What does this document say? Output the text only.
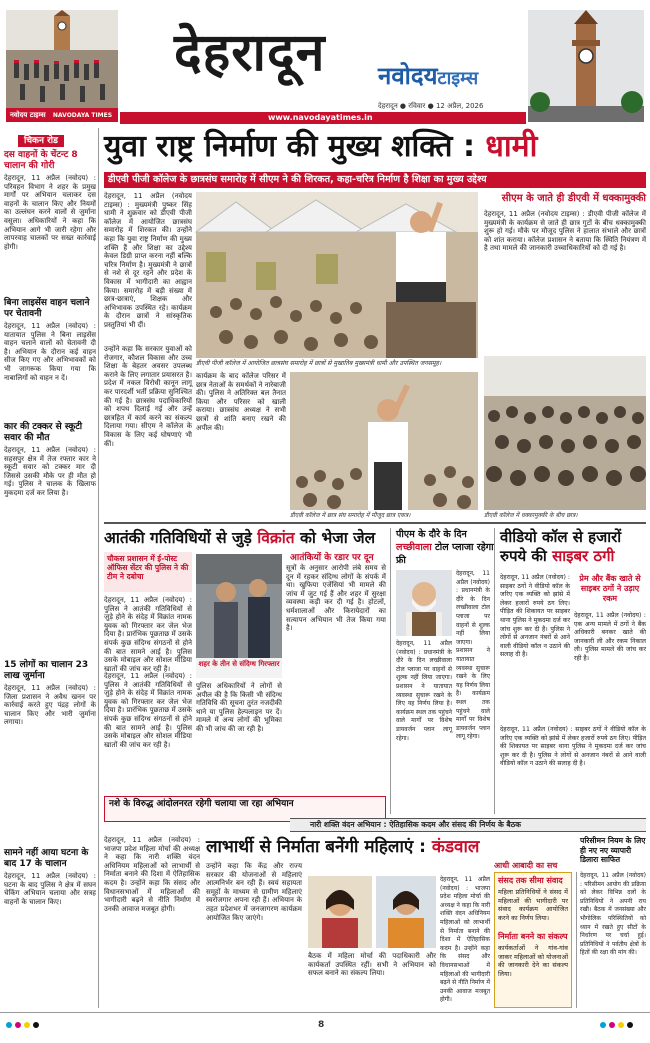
नवोदय टाइम्स NAVODAYA TIMES
देहरादून नवोदयटाइम्स
देहरादून ● रविवार ● 12 अप्रैल, 2026
www.navodayatimes.in
चिकन रोड
दस वाहनों के चेंटन्ट 8 चालान की गोरी
देहरादून, 11 अप्रैल (नवोदय) : परिवहन विभाग ने शहर के प्रमुख मार्गों पर अभियान चलाकर दस वाहनों के चालान किए और नियमों का उल्लंघन करने वालों से जुर्माना वसूला। अधिकारियों ने कहा कि अभियान आगे भी जारी रहेगा और लापरवाह चालकों पर सख्त कार्रवाई होगी।
बिना लाइसेंस वाहन चलाने पर चेतावनी
देहरादून, 11 अप्रैल (नवोदय) : यातायात पुलिस ने बिना लाइसेंस वाहन चलाने वालों को चेतावनी दी है। अभियान के दौरान कई वाहन सीज किए गए और अभिभावकों को भी जागरूक किया गया कि नाबालिगों को वाहन न दें।
कार की टक्कर से स्कूटी सवार की मौत
देहरादून, 11 अप्रैल (नवोदय) : सहसपुर क्षेत्र में तेज रफ्तार कार ने स्कूटी सवार को टक्कर मार दी जिससे उसकी मौके पर ही मौत हो गई। पुलिस ने चालक के खिलाफ मुकदमा दर्ज कर लिया है।
15 लोगों का चालान 23 लाख जुर्माना
देहरादून, 11 अप्रैल (नवोदय) : जिला प्रशासन ने अवैध खनन पर कार्रवाई करते हुए पंद्रह लोगों के चालान किए और भारी जुर्माना लगाया।
सामने नहीं आया घटना के बाद 17 के चालान
देहरादून, 11 अप्रैल (नवोदय) : घटना के बाद पुलिस ने क्षेत्र में सघन चेकिंग अभियान चलाया और सत्रह वाहनों के चालान किए।
युवा राष्ट्र निर्माण की मुख्य शक्ति : धामी
डीएवी पीजी कॉलेज के छात्रसंघ समारोह में सीएम ने की शिरकत, कहा-चरित्र निर्माण है शिक्षा का मुख्य उद्देश्य
देहरादून, 11 अप्रैल (नवोदय टाइम्स) : मुख्यमंत्री पुष्कर सिंह धामी ने शुक्रवार को डीएवी पीजी कॉलेज में आयोजित छात्रसंघ समारोह में शिरकत की। उन्होंने कहा कि युवा राष्ट्र निर्माण की मुख्य शक्ति हैं और शिक्षा का उद्देश्य केवल डिग्री प्राप्त करना नहीं बल्कि चरित्र निर्माण है। मुख्यमंत्री ने छात्रों से नशे से दूर रहने और प्रदेश के विकास में भागीदारी का आह्वान किया। समारोह में बड़ी संख्या में छात्र-छात्राएं, शिक्षक और अभिभावक उपस्थित रहे। कार्यक्रम के दौरान छात्रों ने सांस्कृतिक प्रस्तुतियां भी दीं।
उन्होंने कहा कि सरकार युवाओं को रोजगार, कौशल विकास और उच्च शिक्षा के बेहतर अवसर उपलब्ध कराने के लिए लगातार प्रयासरत है। प्रदेश में नकल विरोधी कानून लागू कर पारदर्शी भर्ती प्रक्रिया सुनिश्चित की गई है। छात्रसंघ पदाधिकारियों को शपथ दिलाई गई और उन्हें छात्रहित में कार्य करने का संकल्प दिलाया गया। सीएम ने कॉलेज के विकास के लिए कई घोषणाएं भी कीं।
डीएवी पीजी कॉलेज में आयोजित छात्रसंघ समारोह में छात्रों से मुखातिब मुख्यमंत्री धामी और उपस्थित जनसमूह।
सीएम के जाते ही डीएवी में धक्कामुक्की
देहरादून, 11 अप्रैल (नवोदय टाइम्स) : डीएवी पीजी कॉलेज में मुख्यमंत्री के कार्यक्रम से जाते ही छात्र गुटों के बीच धक्कामुक्की शुरू हो गई। मौके पर मौजूद पुलिस ने हालात संभाले और छात्रों को शांत कराया। कॉलेज प्रशासन ने बताया कि स्थिति नियंत्रण में है तथा मामले की जानकारी उच्चाधिकारियों को दी गई है।
कार्यक्रम के बाद कॉलेज परिसर में छात्र नेताओं के समर्थकों ने नारेबाजी की। पुलिस ने अतिरिक्त बल तैनात किया और परिसर को खाली कराया। छात्रसंघ अध्यक्ष ने सभी छात्रों से शांति बनाए रखने की अपील की।
डीएवी कॉलेज में छात्र संघ समारोह में मौजूद छात्र एकत्र।	डीएवी कॉलेज में धक्कामुक्की के बीच छात्र।
आतंकी गतिविधियों से जुड़े विक्रांत को भेजा जेल
आतंकियों के रडार पर दून
चौकस प्रशासन में ई-पोस्ट ऑफिस सेंटर की पुलिस ने की टीम ने दबोचा
देहरादून, 11 अप्रैल (नवोदय) : पुलिस ने आतंकी गतिविधियों से जुड़े होने के संदेह में विक्रांत नामक युवक को गिरफ्तार कर जेल भेज दिया है। प्रारंभिक पूछताछ में उसके संपर्क कुछ संदिग्ध संगठनों से होने की बात सामने आई है। पुलिस उसके मोबाइल और सोशल मीडिया खातों की जांच कर रही है।
शहर के तीन से संदिग्ध गिरफ्तार
सूत्रों के अनुसार आरोपी लंबे समय से दून में रहकर संदिग्ध लोगों के संपर्क में था। खुफिया एजेंसियां भी मामले की जांच में जुट गई हैं और शहर में सुरक्षा व्यवस्था कड़ी कर दी गई है। होटलों, धर्मशालाओं और किरायेदारों का सत्यापन अभियान भी तेज किया गया है।
पुलिस अधिकारियों ने लोगों से अपील की है कि किसी भी संदिग्ध गतिविधि की सूचना तुरंत नजदीकी थाने या पुलिस हेल्पलाइन पर दें। मामले में अन्य लोगों की भूमिका की भी जांच की जा रही है।
देहरादून, 11 अप्रैल (नवोदय) : पुलिस ने आतंकी गतिविधियों से जुड़े होने के संदेह में विक्रांत नामक युवक को गिरफ्तार कर जेल भेज दिया है। प्रारंभिक पूछताछ में उसके संपर्क कुछ संदिग्ध संगठनों से होने की बात सामने आई है। पुलिस उसके मोबाइल और सोशल मीडिया खातों की जांच कर रही है।
नशे के विरुद्ध आंदोलनरत रहेगी चलाया जा रहा अभियान
पीएम के दौरे के दिन लच्छीवाला टोल प्लाजा रहेगा फ्री
देहरादून, 11 अप्रैल (नवोदय) : प्रधानमंत्री के दौरे के दिन लच्छीवाला टोल प्लाजा पर वाहनों से शुल्क नहीं लिया जाएगा। प्रशासन ने यातायात व्यवस्था सुचारू रखने के लिए यह निर्णय लिया है। कार्यक्रम स्थल तक पहुंचने वाले मार्गों पर विशेष डायवर्जन प्लान लागू रहेगा।
देहरादून, 11 अप्रैल (नवोदय) : प्रधानमंत्री के दौरे के दिन लच्छीवाला टोल प्लाजा पर वाहनों से शुल्क नहीं लिया जाएगा। प्रशासन ने यातायात व्यवस्था सुचारू रखने के लिए यह निर्णय लिया है। कार्यक्रम स्थल तक पहुंचने वाले मार्गों पर विशेष डायवर्जन प्लान लागू रहेगा।
वीडियो कॉल से हजारों
रुपये की साइबर ठगी
देहरादून, 11 अप्रैल (नवोदय) : साइबर ठगों ने वीडियो कॉल के जरिए एक व्यक्ति को झांसे में लेकर हजारों रुपये ठग लिए। पीड़ित की शिकायत पर साइबर थाना पुलिस ने मुकदमा दर्ज कर जांच शुरू कर दी है। पुलिस ने लोगों से अनजान नंबरों से आने वाली वीडियो कॉल न उठाने की सलाह दी है।
प्रेम और बैंक खाते से साइबर ठगों ने उड़ाए रकम
देहरादून, 11 अप्रैल (नवोदय) : एक अन्य मामले में ठगों ने बैंक अधिकारी बनकर खाते की जानकारी ली और रकम निकाल ली। पुलिस मामले की जांच कर रही है।
देहरादून, 11 अप्रैल (नवोदय) : साइबर ठगों ने वीडियो कॉल के जरिए एक व्यक्ति को झांसे में लेकर हजारों रुपये ठग लिए। पीड़ित की शिकायत पर साइबर थाना पुलिस ने मुकदमा दर्ज कर जांच शुरू कर दी है। पुलिस ने लोगों से अनजान नंबरों से आने वाली वीडियो कॉल न उठाने की सलाह दी है।
नारी शक्ति वंदन अभियान : ऐतिहासिक कदम और संसद की निर्णय के बैठक
लाभार्थी से निर्माता बनेंगी महिलाएं : कंडवाल
आधी आबादी का सच
देहरादून, 11 अप्रैल (नवोदय) : भाजपा प्रदेश महिला मोर्चा की अध्यक्ष ने कहा कि नारी शक्ति वंदन अधिनियम महिलाओं को लाभार्थी से निर्माता बनाने की दिशा में ऐतिहासिक कदम है। उन्होंने कहा कि संसद और विधानसभाओं में महिलाओं की भागीदारी बढ़ने से नीति निर्माण में उनकी आवाज मजबूत होगी।
उन्होंने कहा कि केंद्र और राज्य सरकार की योजनाओं से महिलाएं आत्मनिर्भर बन रही हैं। स्वयं सहायता समूहों के माध्यम से ग्रामीण महिलाएं स्वरोजगार अपना रही हैं। अभियान के तहत प्रदेशभर में जनजागरण कार्यक्रम आयोजित किए जाएंगे।
बैठक में महिला मोर्चा की पदाधिकारी और कार्यकर्ता उपस्थित रहीं। सभी ने अभियान को सफल बनाने का संकल्प लिया।
देहरादून, 11 अप्रैल (नवोदय) : भाजपा प्रदेश महिला मोर्चा की अध्यक्ष ने कहा कि नारी शक्ति वंदन अधिनियम महिलाओं को लाभार्थी से निर्माता बनाने की दिशा में ऐतिहासिक कदम है। उन्होंने कहा कि संसद और विधानसभाओं में महिलाओं की भागीदारी बढ़ने से नीति निर्माण में उनकी आवाज मजबूत होगी।
संसद तक सीमा संवाद
महिला प्रतिनिधियों ने संसद में महिलाओं की भागीदारी पर संवाद कार्यक्रम आयोजित करने का निर्णय लिया।
निर्माता बनने का संकल्प
कार्यकर्ताओं ने गांव-गांव जाकर महिलाओं को योजनाओं की जानकारी देने का संकल्प लिया।
परिसीमन नियम के लिए ही नए नए व्यापारी डिलारा साफित
देहरादून, 11 अप्रैल (नवोदय) : परिसीमन आयोग की प्रक्रिया को लेकर विभिन्न दलों के प्रतिनिधियों ने अपनी राय रखी। बैठक में जनसंख्या और भौगोलिक परिस्थितियों को ध्यान में रखते हुए सीटों के निर्धारण पर चर्चा हुई। प्रतिनिधियों ने पर्वतीय क्षेत्रों के हितों की रक्षा की मांग की।
8
